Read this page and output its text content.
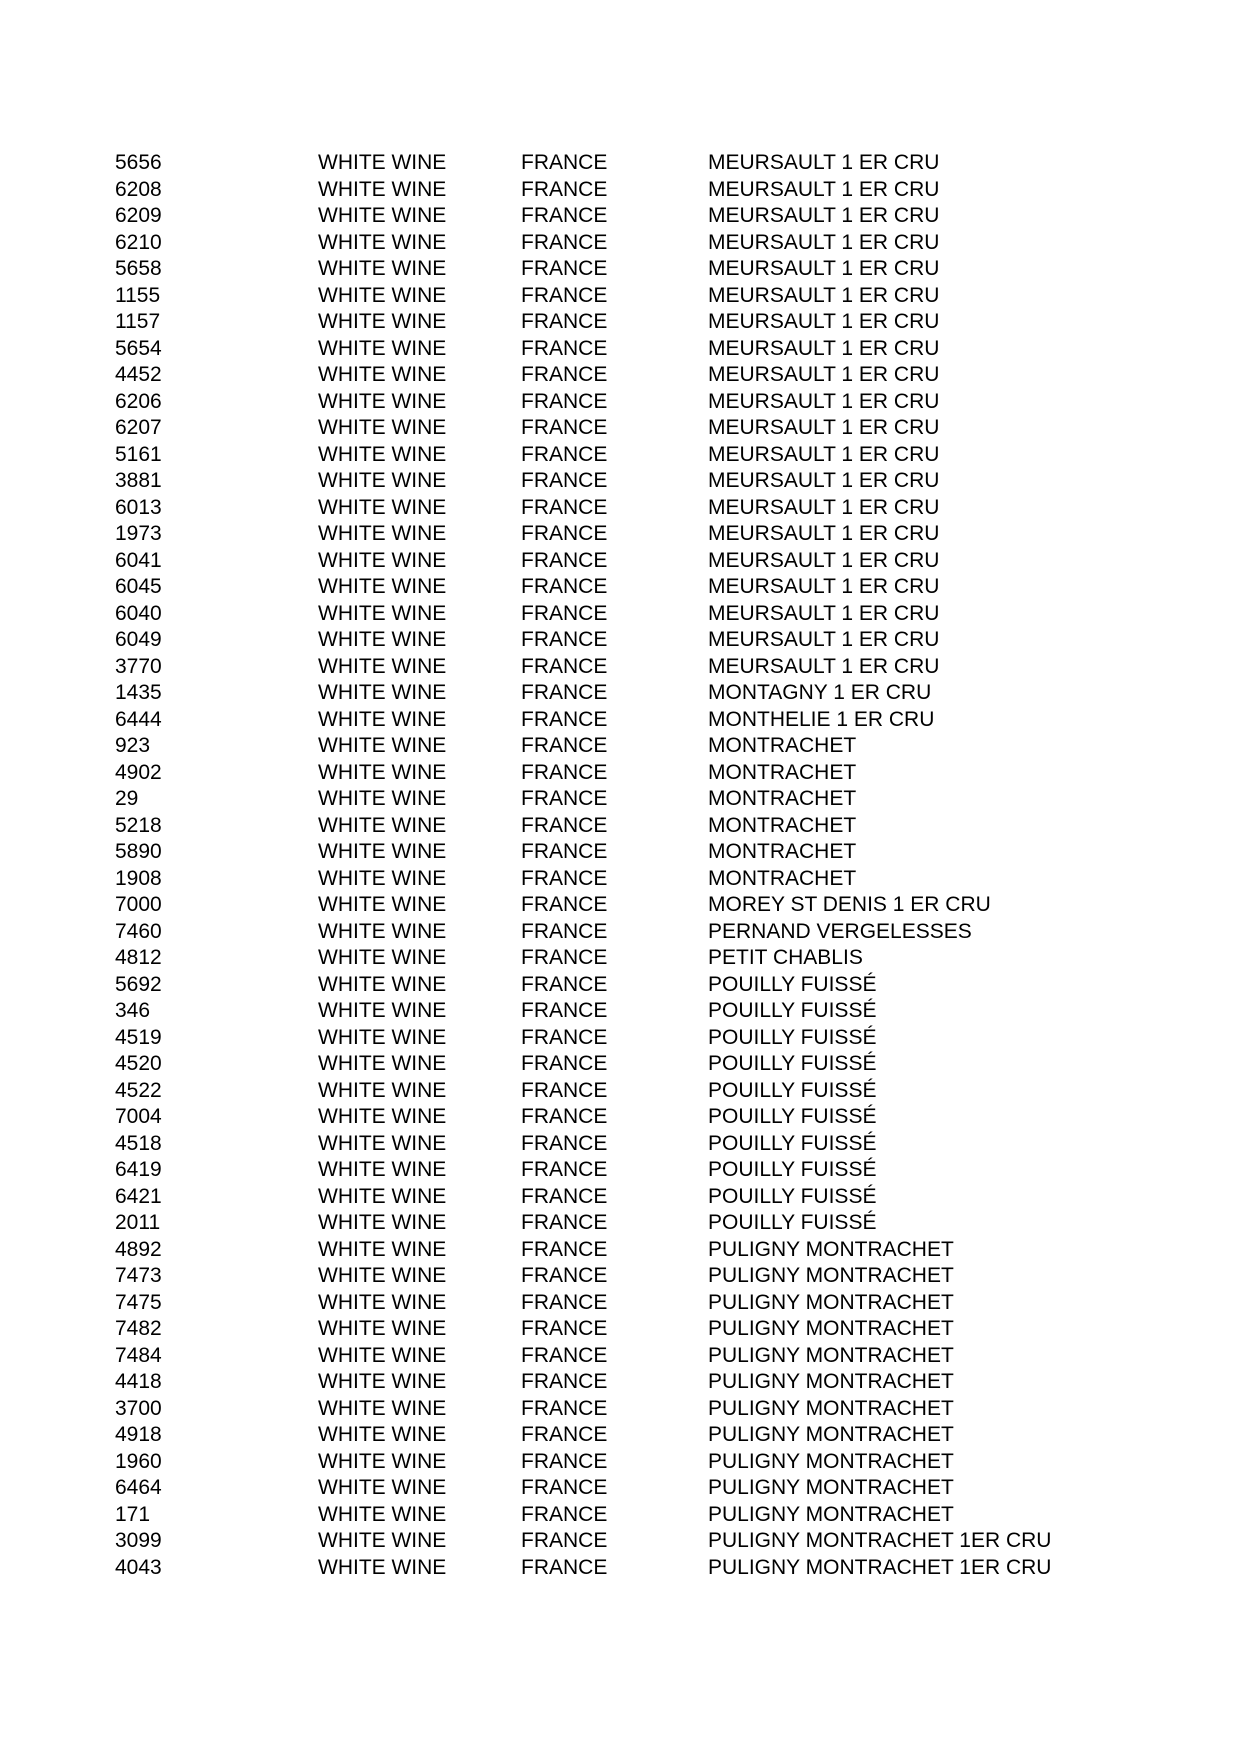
5656	WHITE WINE	FRANCE	MEURSAULT 1 ER CRU
6208	WHITE WINE	FRANCE	MEURSAULT 1 ER CRU
6209	WHITE WINE	FRANCE	MEURSAULT 1 ER CRU
6210	WHITE WINE	FRANCE	MEURSAULT 1 ER CRU
5658	WHITE WINE	FRANCE	MEURSAULT 1 ER CRU
1155	WHITE WINE	FRANCE	MEURSAULT 1 ER CRU
1157	WHITE WINE	FRANCE	MEURSAULT 1 ER CRU
5654	WHITE WINE	FRANCE	MEURSAULT 1 ER CRU
4452	WHITE WINE	FRANCE	MEURSAULT 1 ER CRU
6206	WHITE WINE	FRANCE	MEURSAULT 1 ER CRU
6207	WHITE WINE	FRANCE	MEURSAULT 1 ER CRU
5161	WHITE WINE	FRANCE	MEURSAULT 1 ER CRU
3881	WHITE WINE	FRANCE	MEURSAULT 1 ER CRU
6013	WHITE WINE	FRANCE	MEURSAULT 1 ER CRU
1973	WHITE WINE	FRANCE	MEURSAULT 1 ER CRU
6041	WHITE WINE	FRANCE	MEURSAULT 1 ER CRU
6045	WHITE WINE	FRANCE	MEURSAULT 1 ER CRU
6040	WHITE WINE	FRANCE	MEURSAULT 1 ER CRU
6049	WHITE WINE	FRANCE	MEURSAULT 1 ER CRU
3770	WHITE WINE	FRANCE	MEURSAULT 1 ER CRU
1435	WHITE WINE	FRANCE	MONTAGNY 1 ER CRU
6444	WHITE WINE	FRANCE	MONTHELIE 1 ER CRU
923	WHITE WINE	FRANCE	MONTRACHET
4902	WHITE WINE	FRANCE	MONTRACHET
29	WHITE WINE	FRANCE	MONTRACHET
5218	WHITE WINE	FRANCE	MONTRACHET
5890	WHITE WINE	FRANCE	MONTRACHET
1908	WHITE WINE	FRANCE	MONTRACHET
7000	WHITE WINE	FRANCE	MOREY ST DENIS 1 ER CRU
7460	WHITE WINE	FRANCE	PERNAND VERGELESSES
4812	WHITE WINE	FRANCE	PETIT CHABLIS
5692	WHITE WINE	FRANCE	POUILLY FUISSÉ
346	WHITE WINE	FRANCE	POUILLY FUISSÉ
4519	WHITE WINE	FRANCE	POUILLY FUISSÉ
4520	WHITE WINE	FRANCE	POUILLY FUISSÉ
4522	WHITE WINE	FRANCE	POUILLY FUISSÉ
7004	WHITE WINE	FRANCE	POUILLY FUISSÉ
4518	WHITE WINE	FRANCE	POUILLY FUISSÉ
6419	WHITE WINE	FRANCE	POUILLY FUISSÉ
6421	WHITE WINE	FRANCE	POUILLY FUISSÉ
2011	WHITE WINE	FRANCE	POUILLY FUISSÉ
4892	WHITE WINE	FRANCE	PULIGNY MONTRACHET
7473	WHITE WINE	FRANCE	PULIGNY MONTRACHET
7475	WHITE WINE	FRANCE	PULIGNY MONTRACHET
7482	WHITE WINE	FRANCE	PULIGNY MONTRACHET
7484	WHITE WINE	FRANCE	PULIGNY MONTRACHET
4418	WHITE WINE	FRANCE	PULIGNY MONTRACHET
3700	WHITE WINE	FRANCE	PULIGNY MONTRACHET
4918	WHITE WINE	FRANCE	PULIGNY MONTRACHET
1960	WHITE WINE	FRANCE	PULIGNY MONTRACHET
6464	WHITE WINE	FRANCE	PULIGNY MONTRACHET
171	WHITE WINE	FRANCE	PULIGNY MONTRACHET
3099	WHITE WINE	FRANCE	PULIGNY MONTRACHET 1ER CRU
4043	WHITE WINE	FRANCE	PULIGNY MONTRACHET 1ER CRU
